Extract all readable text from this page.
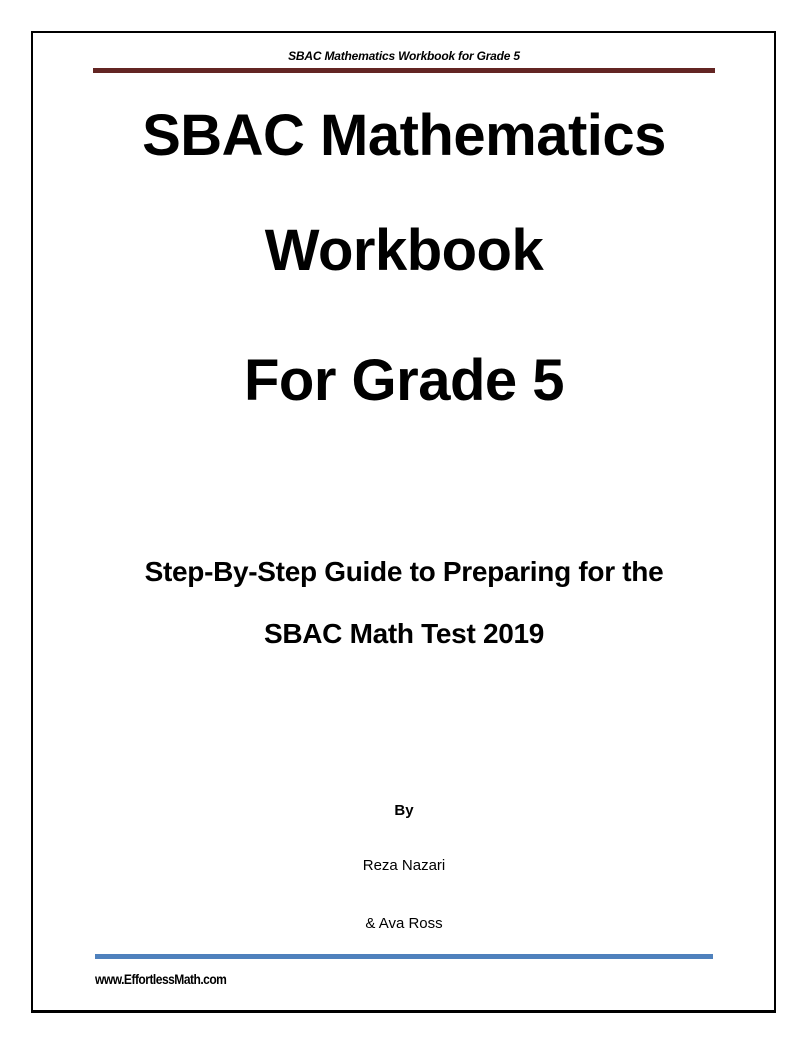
SBAC Mathematics Workbook for Grade 5
SBAC Mathematics
Workbook
For Grade 5
Step-By-Step Guide to Preparing for the
SBAC Math Test 2019
By
Reza Nazari
& Ava Ross
www.EffortlessMath.com
